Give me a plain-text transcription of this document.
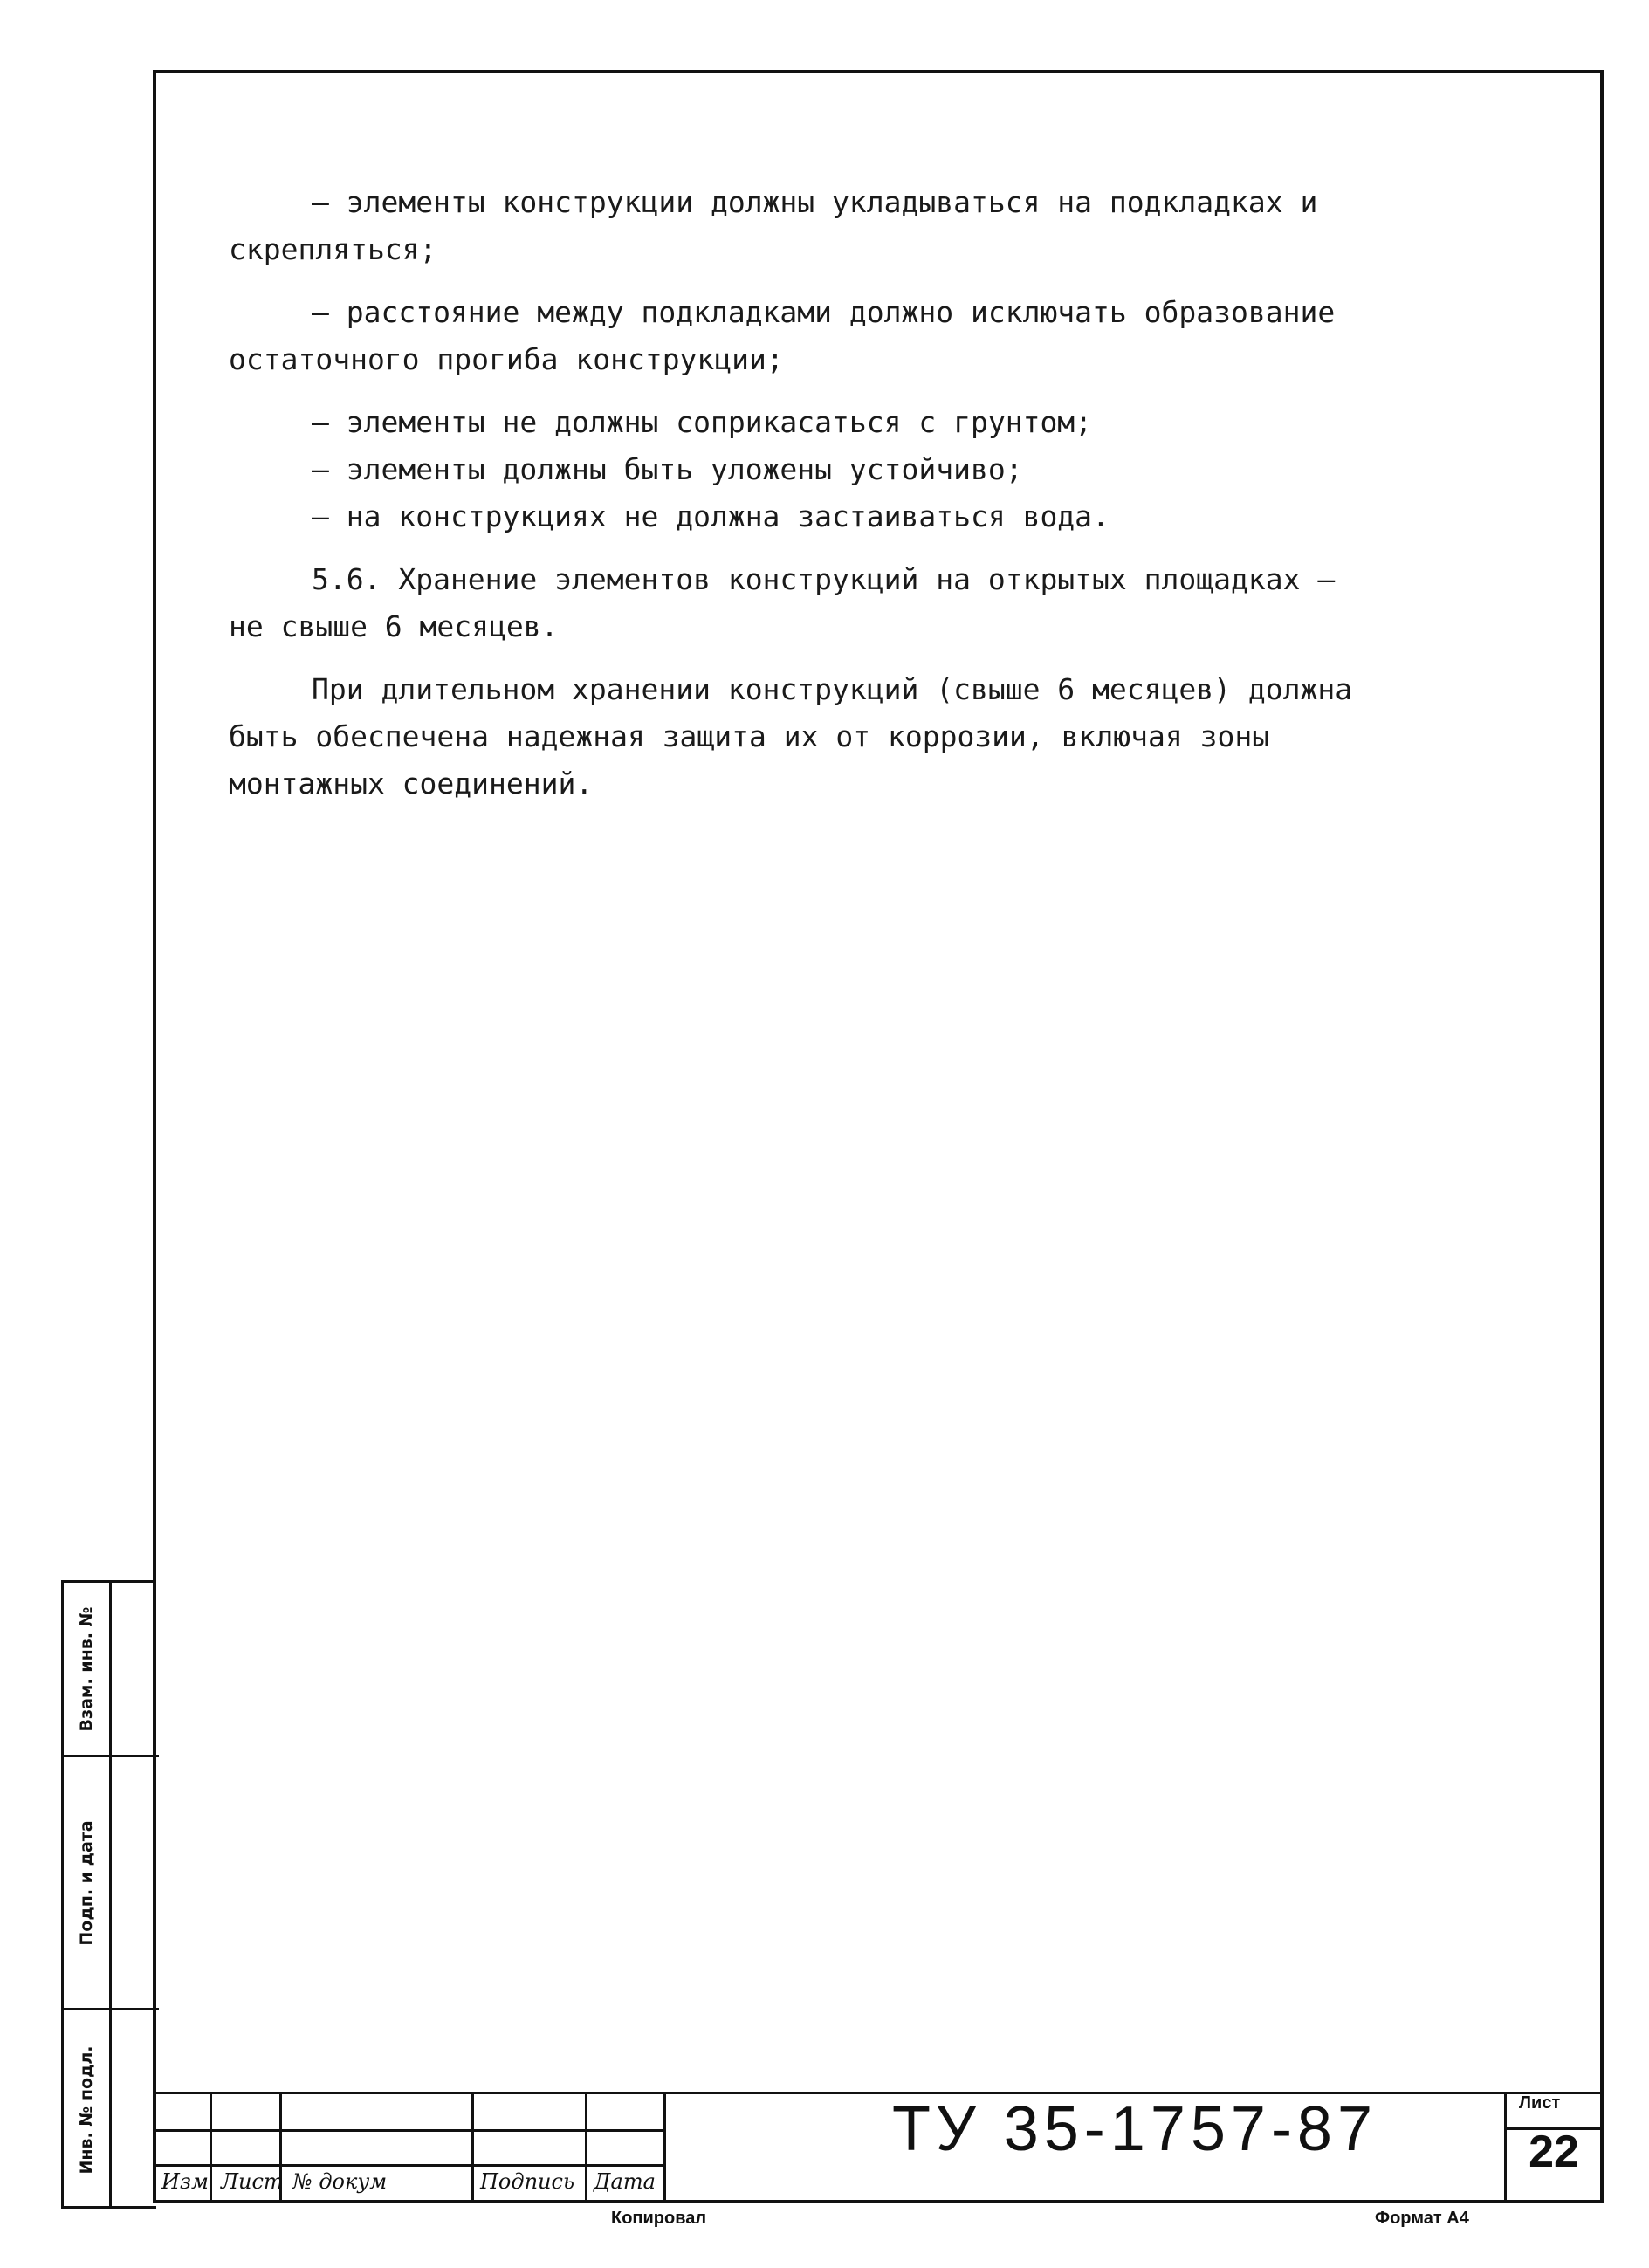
– элементы конструкции должны укладываться на подкладках и

скрепляться;

– расстояние между подкладками должно исключать образование

остаточного прогиба конструкции;

– элементы не должны соприкасаться с грунтом;

– элементы должны быть уложены устойчиво;

– на конструкциях не должна застаиваться вода.

5.6. Хранение элементов конструкций на открытых площадках –

не свыше 6 месяцев.

При длительном хранении конструкций (свыше 6 месяцев) должна

быть обеспечена надежная защита их от коррозии, включая зоны

монтажных соединений.

Взам. инв. №
Подп. и дата
Инв. № подл.
Изм Лист № докум	Подпись Дата
ТУ 35-1757-87	Лист
22
Копировал	Формат А4
